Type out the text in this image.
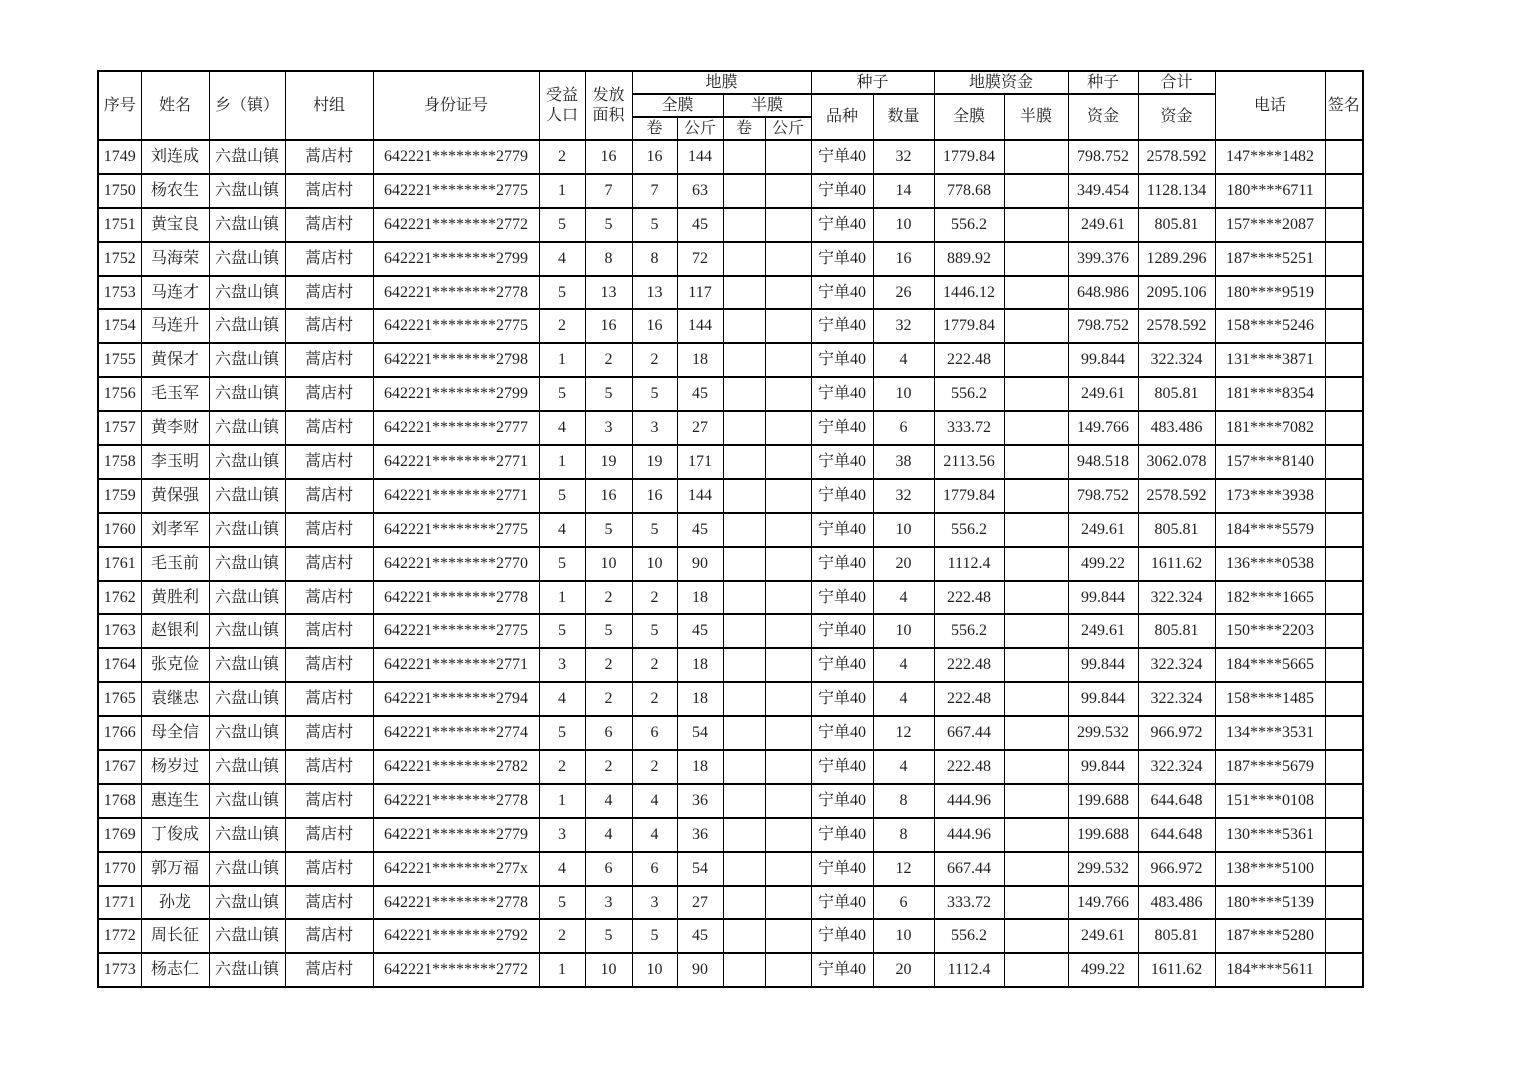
序号	姓名	乡（镇）	村组	身份证号	受益人口	发放面积	地膜				种子		地膜资金		种子	合计	电话	签名
							全膜		半膜		品种	数量	全膜	半膜	资金	资金		
							卷	公斤	卷	公斤								
1749	刘连成	六盘山镇	蒿店村	642221********2779	2	16	16	144			宁单40	32	1779.84		798.752	2578.592	147****1482	
1750	杨农生	六盘山镇	蒿店村	642221********2775	1	7	7	63			宁单40	14	778.68		349.454	1128.134	180****6711	
1751	黄宝良	六盘山镇	蒿店村	642221********2772	5	5	5	45			宁单40	10	556.2		249.61	805.81	157****2087	
1752	马海荣	六盘山镇	蒿店村	642221********2799	4	8	8	72			宁单40	16	889.92		399.376	1289.296	187****5251	
1753	马连才	六盘山镇	蒿店村	642221********2778	5	13	13	117			宁单40	26	1446.12		648.986	2095.106	180****9519	
1754	马连升	六盘山镇	蒿店村	642221********2775	2	16	16	144			宁单40	32	1779.84		798.752	2578.592	158****5246	
1755	黄保才	六盘山镇	蒿店村	642221********2798	1	2	2	18			宁单40	4	222.48		99.844	322.324	131****3871	
1756	毛玉军	六盘山镇	蒿店村	642221********2799	5	5	5	45			宁单40	10	556.2		249.61	805.81	181****8354	
1757	黄李财	六盘山镇	蒿店村	642221********2777	4	3	3	27			宁单40	6	333.72		149.766	483.486	181****7082	
1758	李玉明	六盘山镇	蒿店村	642221********2771	1	19	19	171			宁单40	38	2113.56		948.518	3062.078	157****8140	
1759	黄保强	六盘山镇	蒿店村	642221********2771	5	16	16	144			宁单40	32	1779.84		798.752	2578.592	173****3938	
1760	刘孝军	六盘山镇	蒿店村	642221********2775	4	5	5	45			宁单40	10	556.2		249.61	805.81	184****5579	
1761	毛玉前	六盘山镇	蒿店村	642221********2770	5	10	10	90			宁单40	20	1112.4		499.22	1611.62	136****0538	
1762	黄胜利	六盘山镇	蒿店村	642221********2778	1	2	2	18			宁单40	4	222.48		99.844	322.324	182****1665	
1763	赵银利	六盘山镇	蒿店村	642221********2775	5	5	5	45			宁单40	10	556.2		249.61	805.81	150****2203	
1764	张克俭	六盘山镇	蒿店村	642221********2771	3	2	2	18			宁单40	4	222.48		99.844	322.324	184****5665	
1765	袁继忠	六盘山镇	蒿店村	642221********2794	4	2	2	18			宁单40	4	222.48		99.844	322.324	158****1485	
1766	母全信	六盘山镇	蒿店村	642221********2774	5	6	6	54			宁单40	12	667.44		299.532	966.972	134****3531	
1767	杨岁过	六盘山镇	蒿店村	642221********2782	2	2	2	18			宁单40	4	222.48		99.844	322.324	187****5679	
1768	惠连生	六盘山镇	蒿店村	642221********2778	1	4	4	36			宁单40	8	444.96		199.688	644.648	151****0108	
1769	丁俊成	六盘山镇	蒿店村	642221********2779	3	4	4	36			宁单40	8	444.96		199.688	644.648	130****5361	
1770	郭万福	六盘山镇	蒿店村	642221********277x	4	6	6	54			宁单40	12	667.44		299.532	966.972	138****5100	
1771	孙龙	六盘山镇	蒿店村	642221********2778	5	3	3	27			宁单40	6	333.72		149.766	483.486	180****5139	
1772	周长征	六盘山镇	蒿店村	642221********2792	2	5	5	45			宁单40	10	556.2		249.61	805.81	187****5280	
1773	杨志仁	六盘山镇	蒿店村	642221********2772	1	10	10	90			宁单40	20	1112.4		499.22	1611.62	184****5611	
